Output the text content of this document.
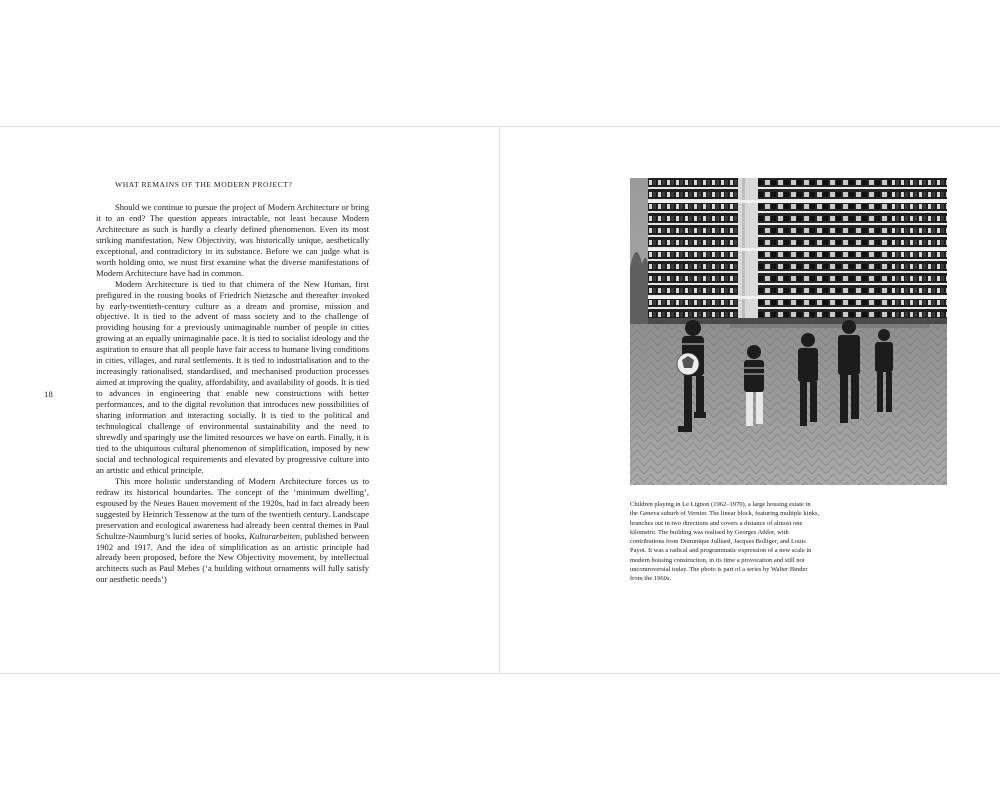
18
WHAT REMAINS OF THE MODERN PROJECT?

Should we continue to pursue the project of Modern Architecture or bring it to an end? The question appears intractable, not least because Modern Architecture as such is hardly a clearly defined phenomenon. Even its most striking manifestation, New Objectivity, was historically unique, aesthetically exceptional, and contradictory in its substance. Before we can judge what is worth holding onto, we must first examine what the diverse manifestations of Modern Architecture have had in common.

Modern Architecture is tied to that chimera of the New Human, first prefigured in the rousing books of Friedrich Nietzsche and thereafter invoked by early-twentieth-century culture as a dream and promise, mission and objective. It is tied to the advent of mass society and to the challenge of providing housing for a previously unimaginable number of people in cities growing at an equally unimaginable pace. It is tied to socialist ideology and the aspiration to ensure that all people have fair access to humane living conditions in cities, villages, and rural settlements. It is tied to industrialisation and to the increasingly rationalised, standardised, and mechanised production processes aimed at improving the quality, affordability, and availability of goods. It is tied to advances in engineering that enable new constructions with better performances, and to the digital revolution that introduces new possibilities of sharing information and interacting socially. It is tied to the political and technological challenge of environmental sustainability and the need to shrewdly and sparingly use the limited resources we have on earth. Finally, it is tied to the ubiquitous cultural phenomenon of simplification, imposed by new social and technological requirements and elevated by progressive culture into an artistic and ethical principle.

This more holistic understanding of Modern Architecture forces us to redraw its historical boundaries. The concept of the ‘minimum dwelling’, espoused by the Neues Bauen movement of the 1920s, had in fact already been suggested by Heinrich Tessenow at the turn of the twentieth century. Landscape preservation and ecological awareness had already been central themes in Paul Schultze-Naumburg’s lucid series of books, Kulturarbeiten, published between 1902 and 1917. And the idea of simplification as an artistic principle had already been proposed, before the New Objectivity movement, by intellectual architects such as Paul Mebes (‘a building without ornaments will fully satisfy our aesthetic needs’)

Children playing in Le Lignon (1962–1970), a large housing estate in the Geneva suburb of Vernier. The linear block, featuring multiple kinks, branches out in two directions and covers a distance of almost one kilometre. The building was realised by Georges Addor, with contributions from Dominique Julliard, Jacques Bolliger, and Louis Payot. It was a radical and programmatic expression of a new scale in modern housing construction, in its time a provocation and still not uncontroversial today. The photo is part of a series by Walter Binder from the 1960s.
